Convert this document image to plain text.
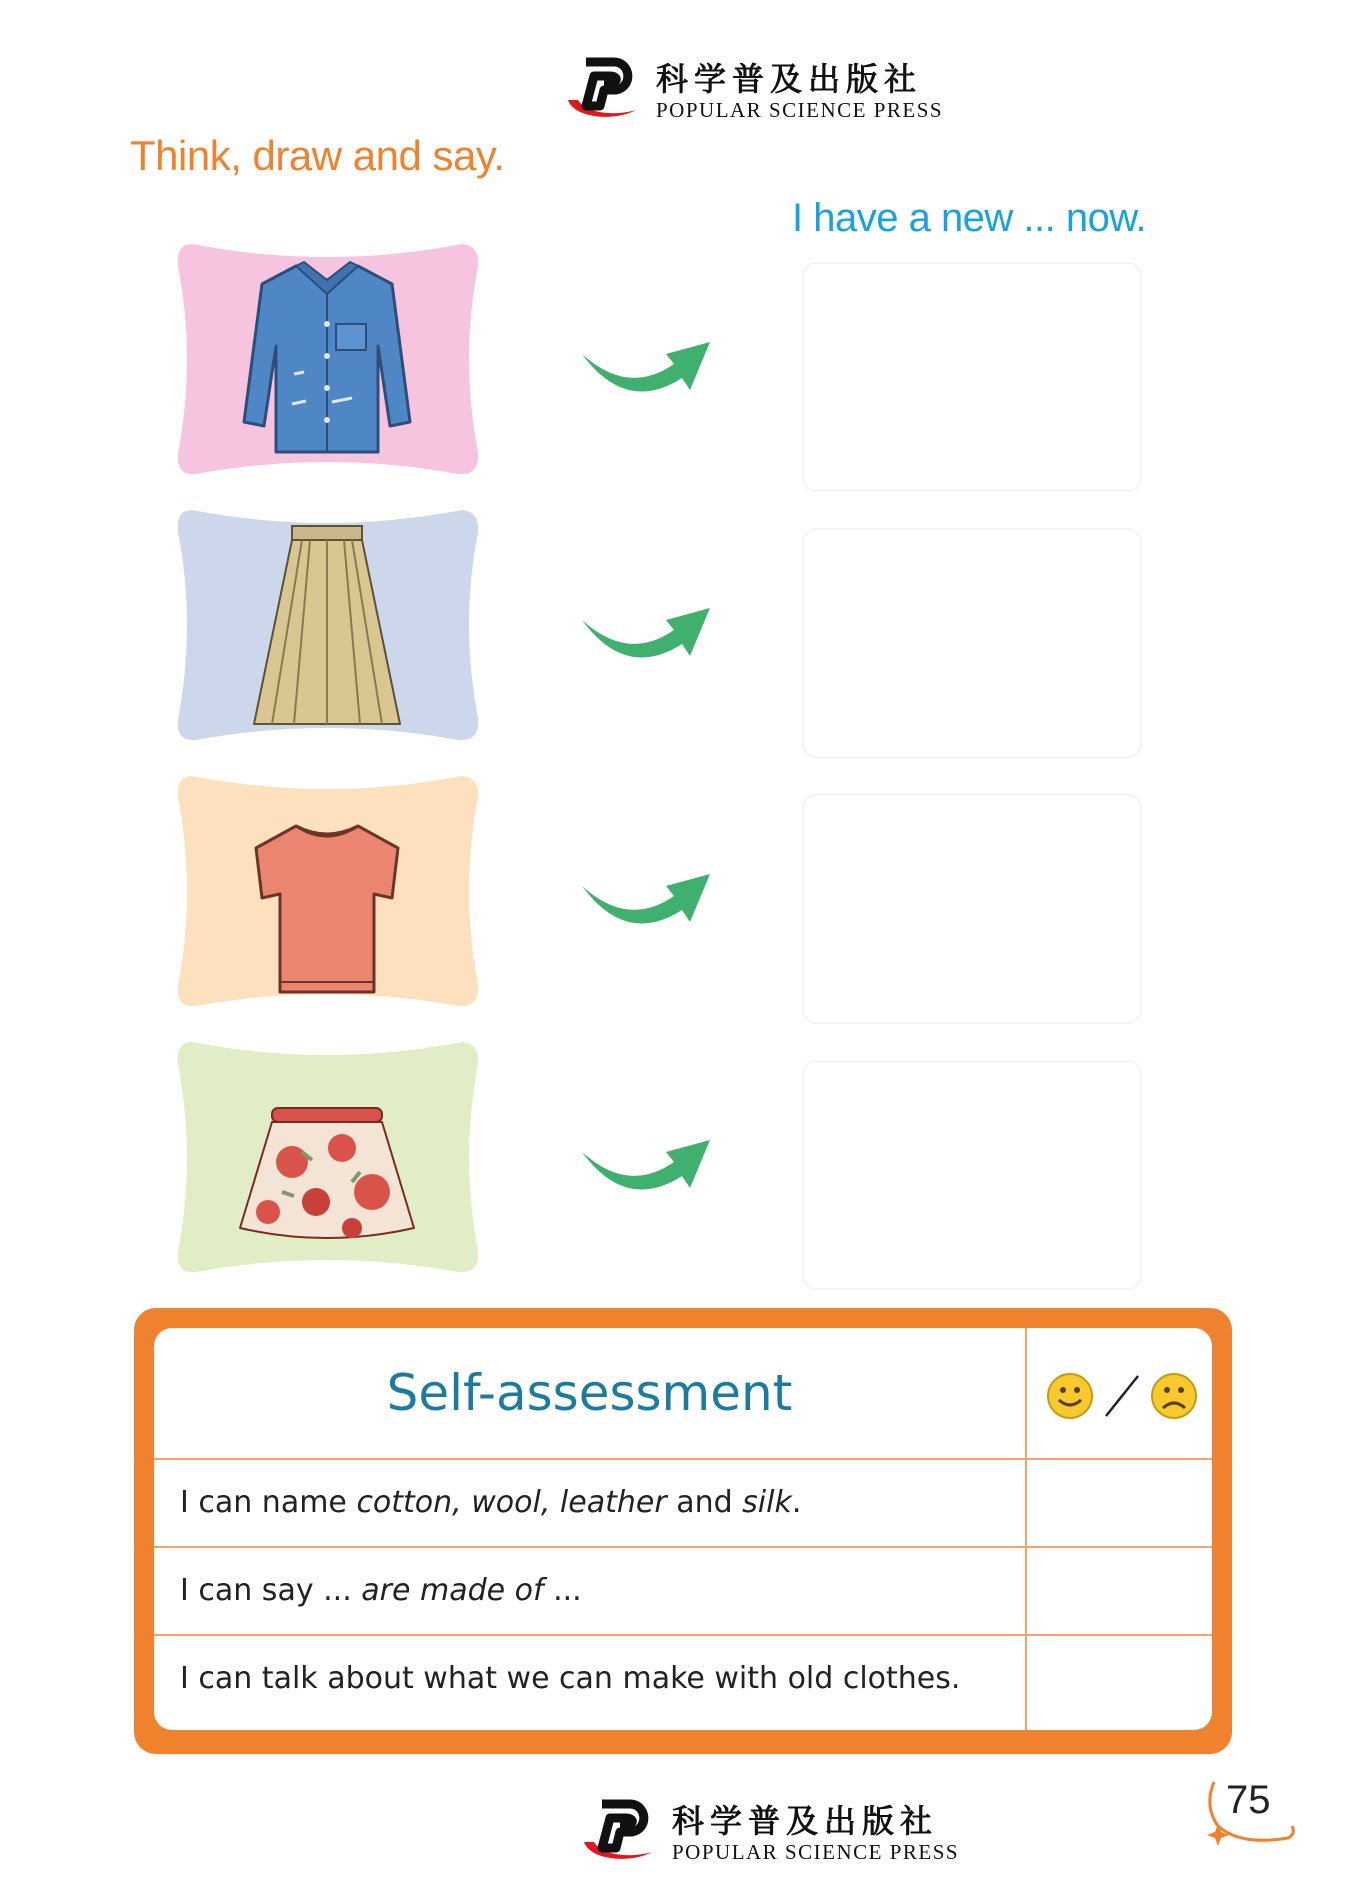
科学普及出版社
POPULAR SCIENCE PRESS
Think, draw and say.
I have a new ... now.
Self-assessment
I can name cotton, wool, leather and silk .
I can say ... are made of ...
I can talk about what we can make with old clothes.
科学普及出版社
POPULAR SCIENCE PRESS
75
